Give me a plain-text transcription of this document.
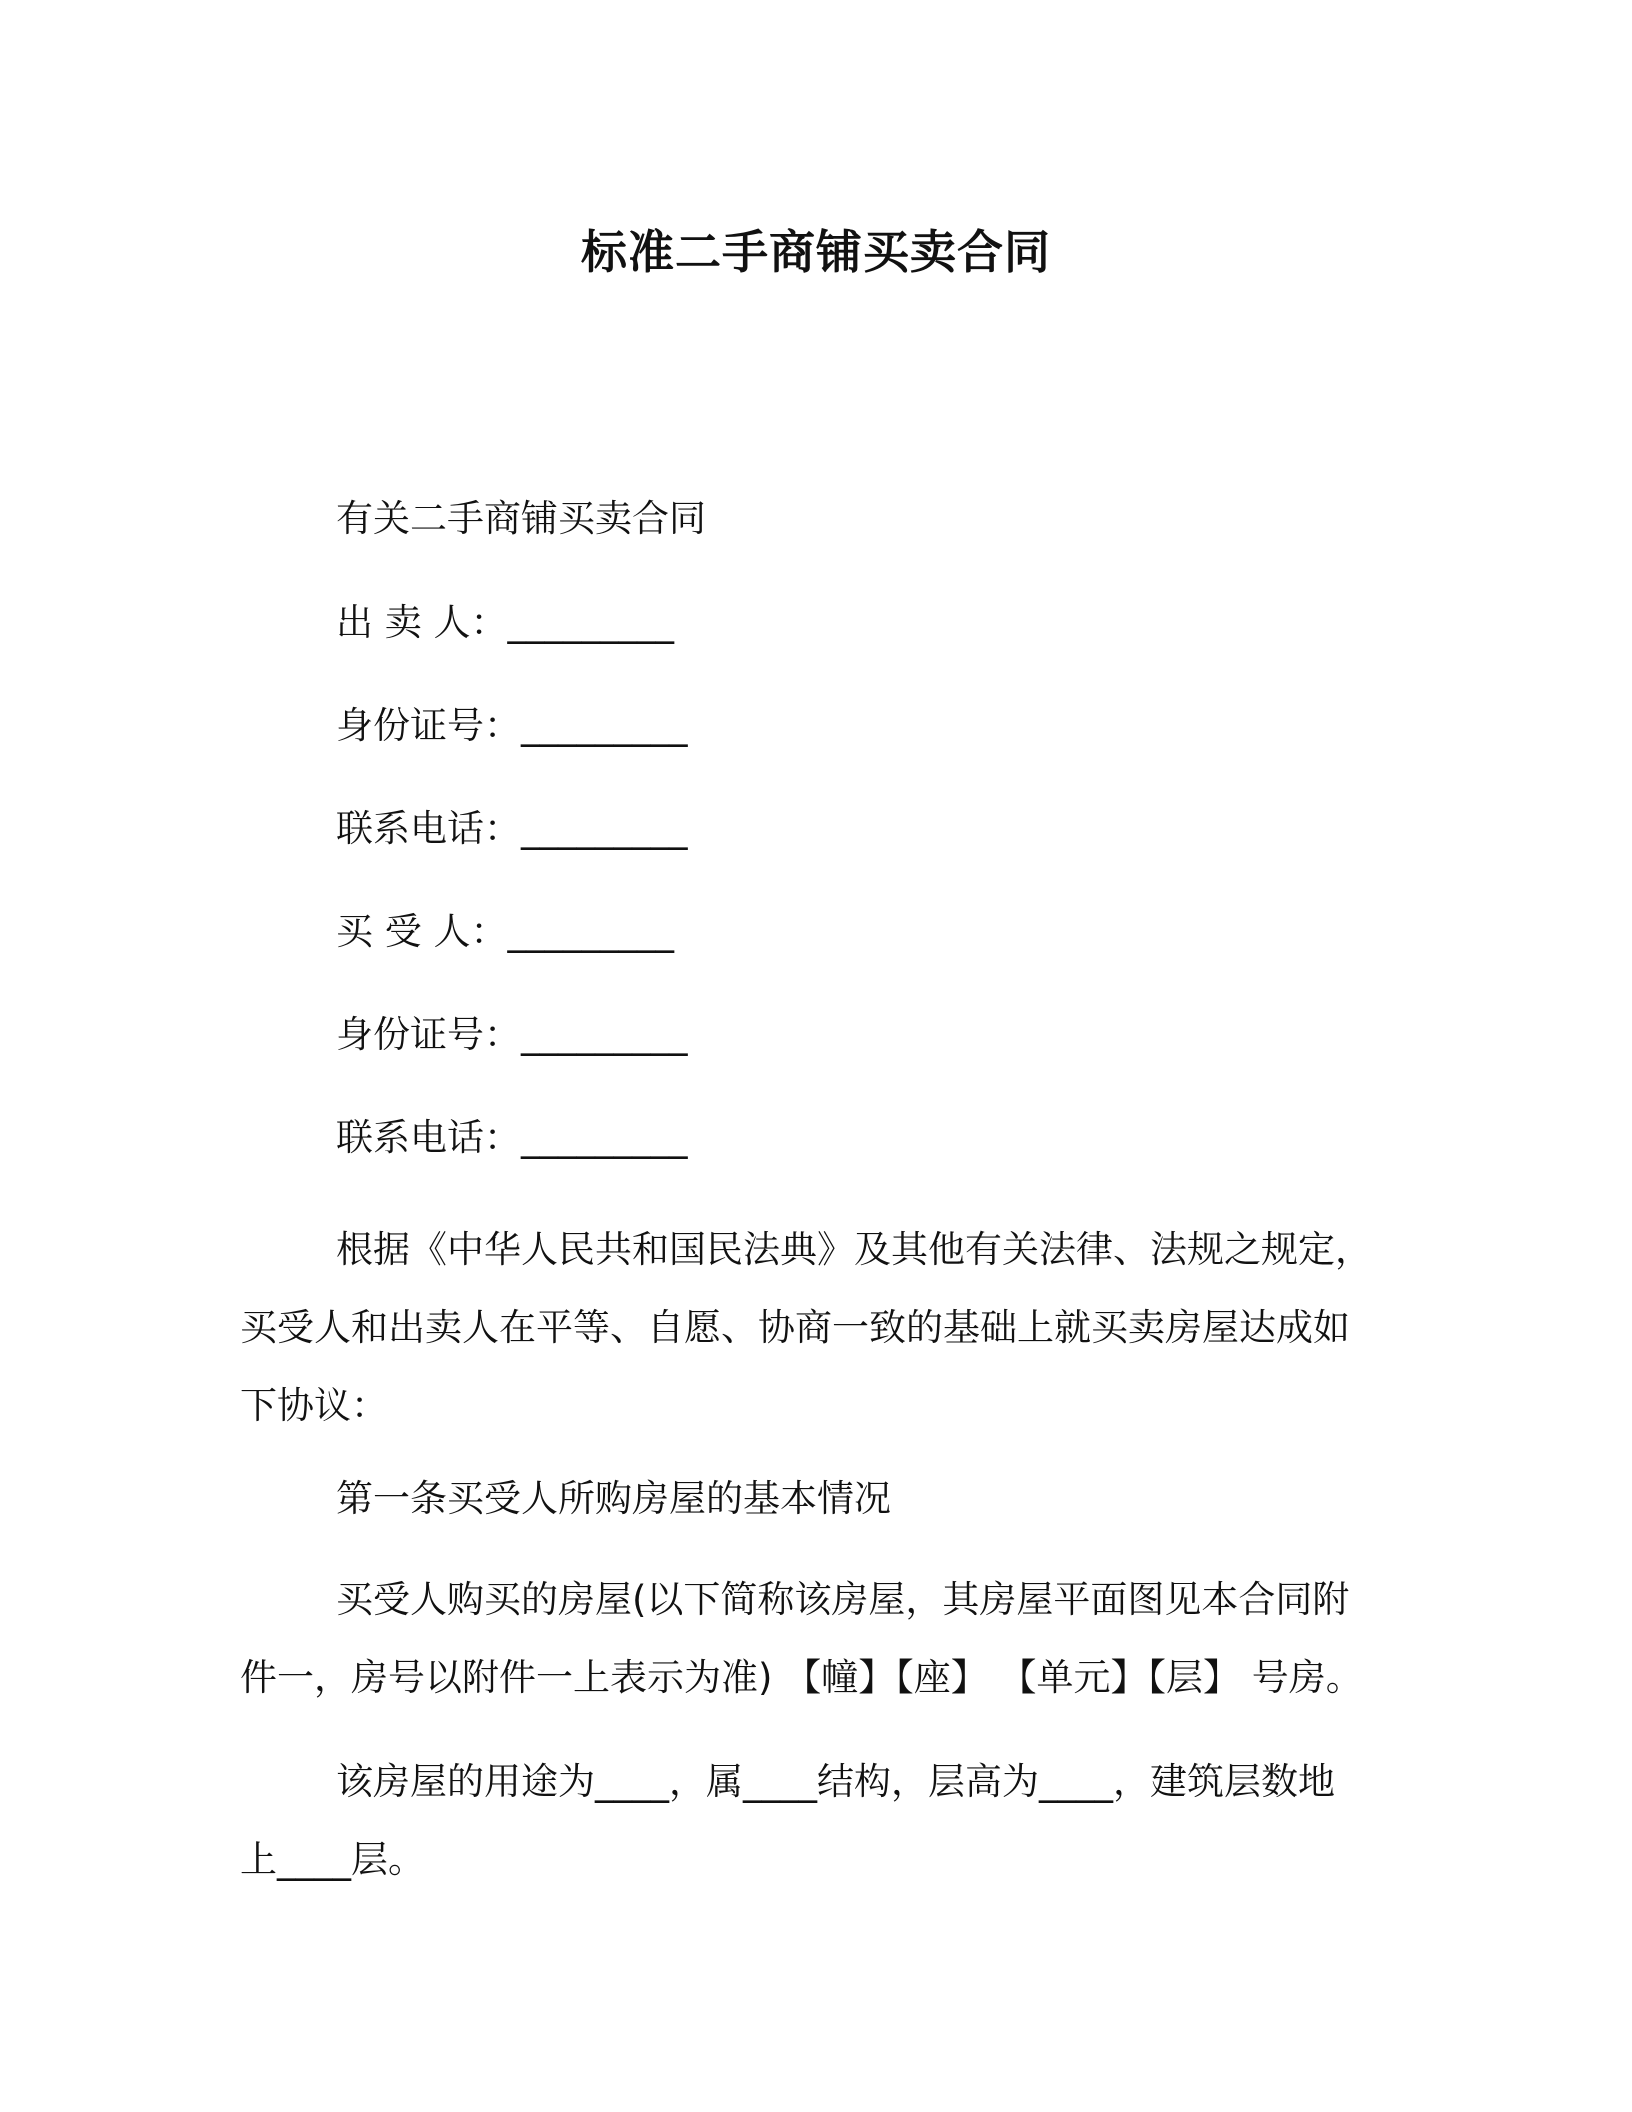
标准二手商铺买卖合同
有关二手商铺买卖合同
出 卖 人：_________
身份证号：_________
联系电话：_________
买 受 人：_________
身份证号：_________
联系电话：_________
根据《中华人民共和国民法典》及其他有关法律、法规之规定，
买受人和出卖人在平等、自愿、协商一致的基础上就买卖房屋达成如
下协议：
第一条买受人所购房屋的基本情况
买受人购买的房屋(以下简称该房屋，其房屋平面图见本合同附
件一，房号以附件一上表示为准) 【幢】【座】 【单元】【层】 号房。
该房屋的用途为____，属____结构，层高为____，建筑层数地
上____层。
